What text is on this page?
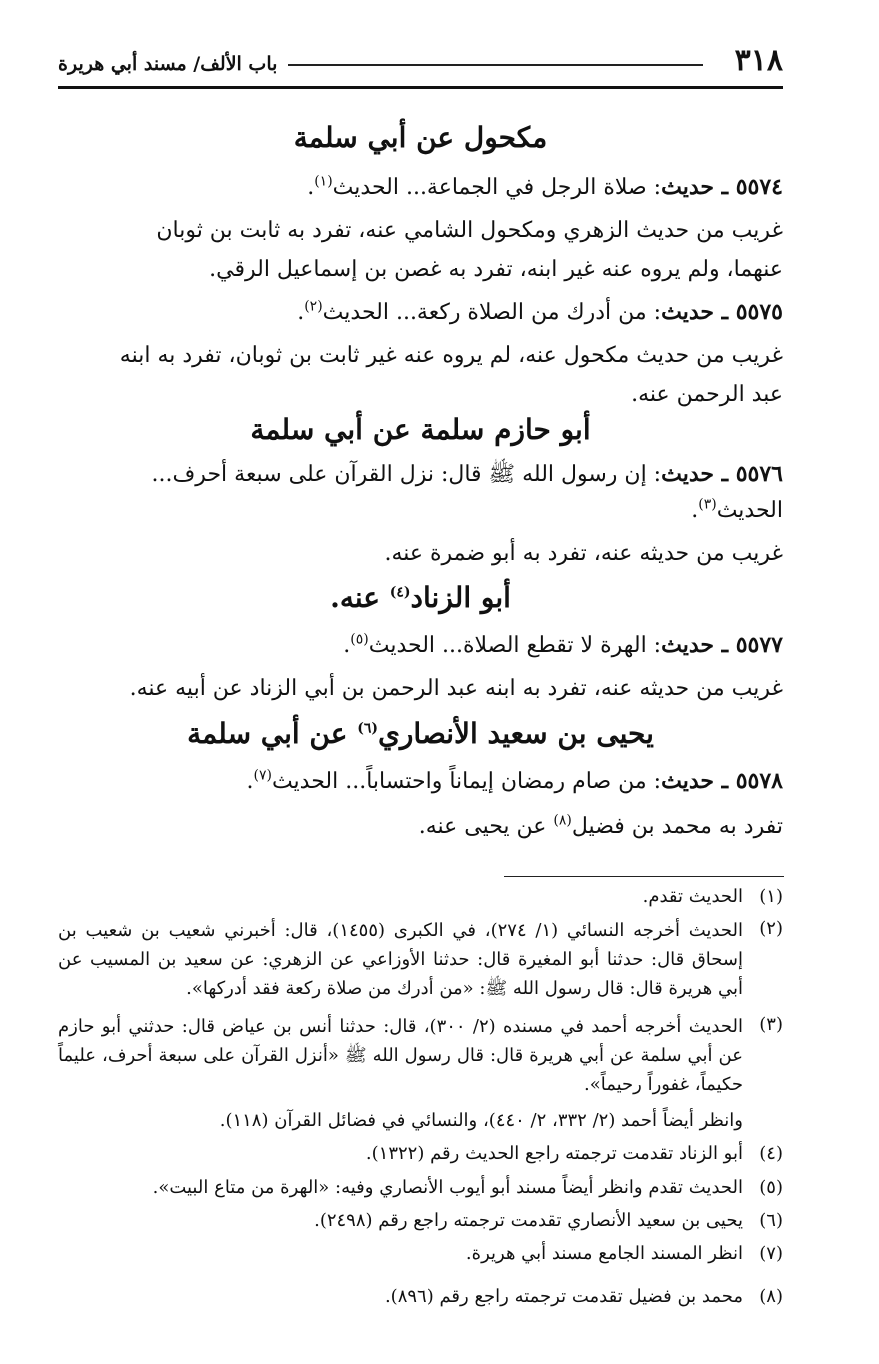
٣١٨
باب الألف/ مسند أبي هريرة
مكحول عن أبي سلمة
٥٥٧٤ ـ حديث: صلاة الرجل في الجماعة... الحديث$^{(١)}$.
غريب من حديث الزهري ومكحول الشامي عنه، تفرد به ثابت بن ثوبان
عنهما، ولم يروه عنه غير ابنه، تفرد به غصن بن إسماعيل الرقي.
٥٥٧٥ ـ حديث: من أدرك من الصلاة ركعة... الحديث$^{(٢)}$.
غريب من حديث مكحول عنه، لم يروه عنه غير ثابت بن ثوبان، تفرد به ابنه
عبد الرحمن عنه.
أبو حازم سلمة عن أبي سلمة
٥٥٧٦ ـ حديث: إن رسول الله ﷺ قال: نزل القرآن على سبعة أحرف...
الحديث$^{(٣)}$.
غريب من حديثه عنه، تفرد به أبو ضمرة عنه.
أبو الزناد$^{(٤)}$ عنه.
٥٥٧٧ ـ حديث: الهرة لا تقطع الصلاة... الحديث$^{(٥)}$.
غريب من حديثه عنه، تفرد به ابنه عبد الرحمن بن أبي الزناد عن أبيه عنه.
يحيى بن سعيد الأنصاري$^{(٦)}$ عن أبي سلمة
٥٥٧٨ ـ حديث: من صام رمضان إيماناً واحتساباً... الحديث$^{(٧)}$.
تفرد به محمد بن فضيل$^{(٨)}$ عن يحيى عنه.
(١)
الحديث تقدم.
(٢)
الحديث أخرجه النسائي (١/ ٢٧٤)، في الكبرى (١٤٥٥)، قال: أخبرني شعيب بن شعيب بن إسحاق قال: حدثنا أبو المغيرة قال: حدثنا الأوزاعي عن الزهري: عن سعيد بن المسيب عن أبي هريرة قال: قال رسول الله ﷺ: «من أدرك من صلاة ركعة فقد أدركها».
(٣)
الحديث أخرجه أحمد في مسنده (٢/ ٣٠٠)، قال: حدثنا أنس بن عياض قال: حدثني أبو حازم عن أبي سلمة عن أبي هريرة قال: قال رسول الله ﷺ «أنزل القرآن على سبعة أحرف، عليماً حكيماً، غفوراً رحيماً».
وانظر أيضاً أحمد (٢/ ٣٣٢، ٢/ ٤٤٠)، والنسائي في فضائل القرآن (١١٨).
(٤)
أبو الزناد تقدمت ترجمته راجع الحديث رقم (١٣٢٢).
(٥)
الحديث تقدم وانظر أيضاً مسند أبو أيوب الأنصاري وفيه: «الهرة من متاع البيت».
(٦)
يحيى بن سعيد الأنصاري تقدمت ترجمته راجع رقم (٢٤٩٨).
(٧)
انظر المسند الجامع مسند أبي هريرة.
(٨)
محمد بن فضيل تقدمت ترجمته راجع رقم (٨٩٦).
